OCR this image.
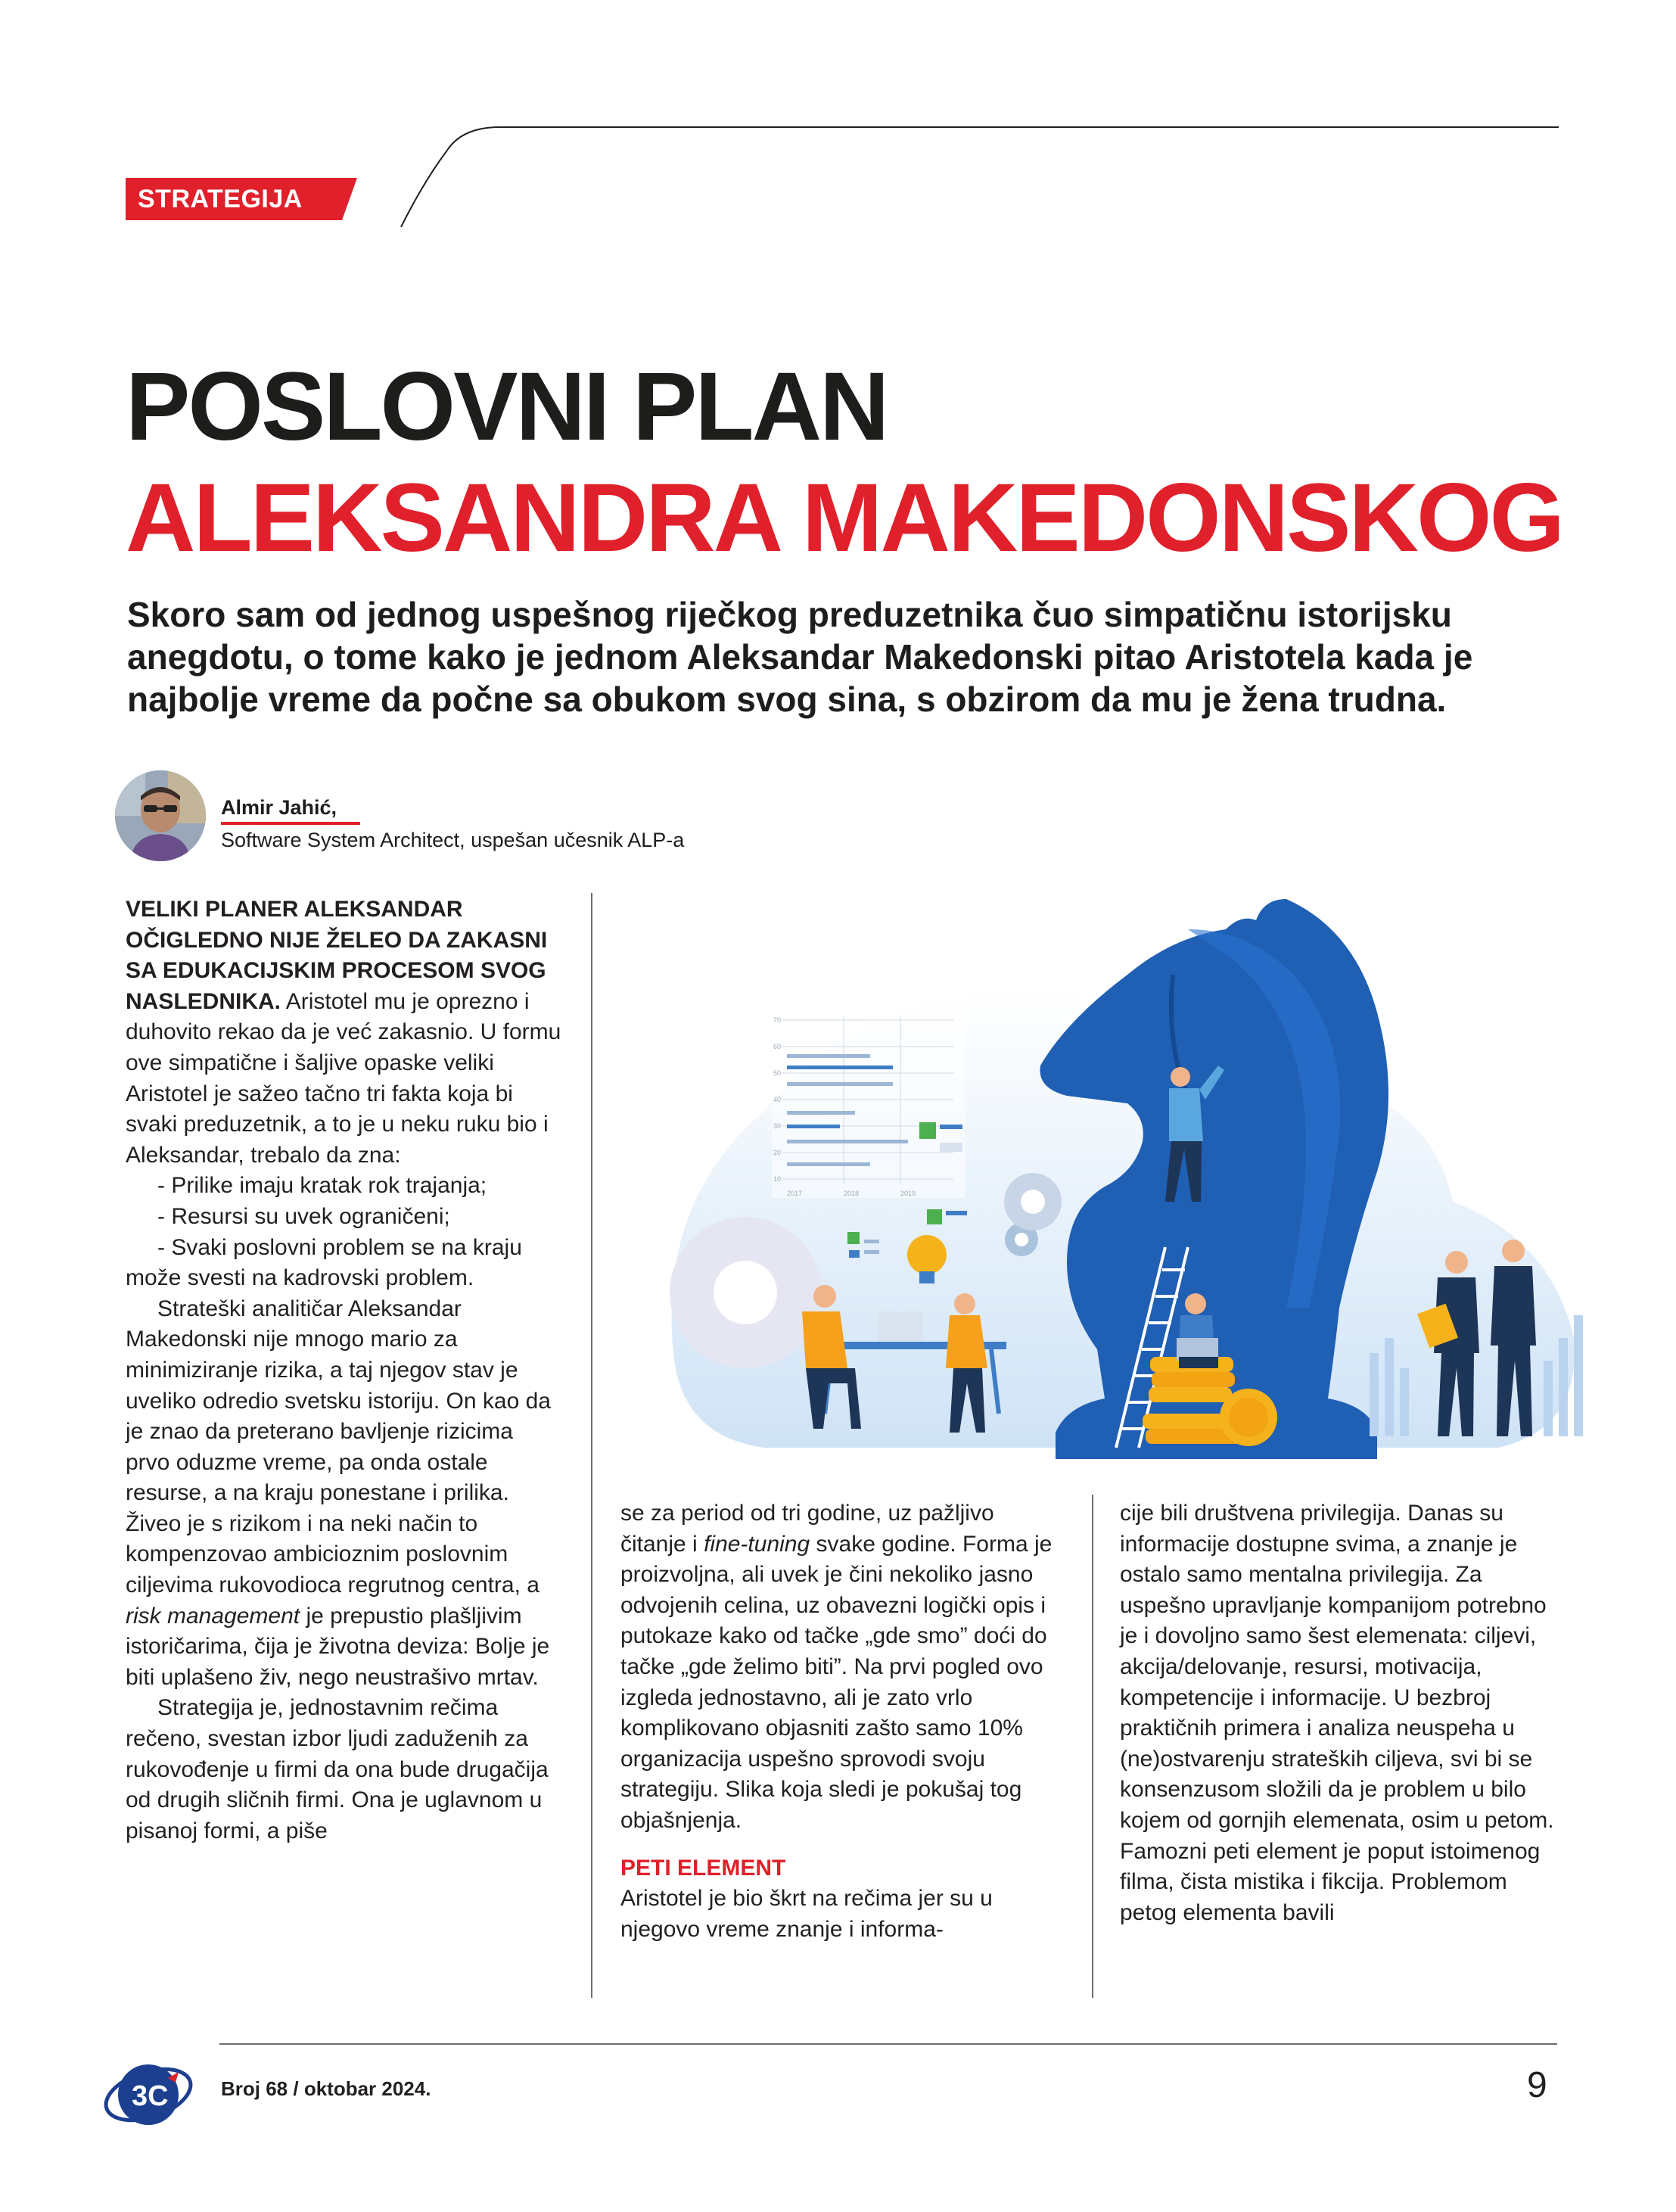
STRATEGIJA
POSLOVNI PLAN
ALEKSANDRA MAKEDONSKOG
Skoro sam od jednog uspešnog riječkog preduzetnika čuo simpatičnu istorijsku anegdotu, o tome kako je jednom Aleksandar Makedonski pitao Aristotela kada je najbolje vreme da počne sa obukom svog sina, s obzirom da mu je žena trudna.
Almir Jahić,
Software System Architect, uspešan učesnik ALP-a

VELIKI PLANER ALEKSANDAR OČIGLEDNO NIJE ŽELEO DA ZAKASNI SA EDUKACIJSKIM PROCESOM SVOG NASLEDNIKA. Aristotel mu je oprezno i duhovito rekao da je već zakasnio. U formu ove simpatične i šaljive opaske veliki Aristotel je sažeo tačno tri fakta koja bi svaki preduzetnik, a to je u neku ruku bio i Aleksandar, trebalo da zna:

- Prilike imaju kratak rok trajanja;

- Resursi su uvek ograničeni;

- Svaki poslovni problem se na kraju može svesti na kadrovski problem.

Strateški analitičar Aleksandar Makedonski nije mnogo mario za minimiziranje rizika, a taj njegov stav je uveliko odredio svetsku istoriju. On kao da je znao da preterano bavljenje rizicima prvo oduzme vreme, pa onda ostale resurse, a na kraju ponestane i prilika. Živeo je s rizikom i na neki način to kompenzovao ambicioznim poslovnim ciljevima rukovodioca regrutnog centra, a risk management je prepustio plašljivim istoričarima, čija je životna deviza: Bolje je biti uplašeno živ, nego neustrašivo mrtav.

Strategija je, jednostavnim rečima rečeno, svestan izbor ljudi zaduženih za rukovođenje u firmi da ona bude drugačija od drugih sličnih firmi. Ona je uglavnom u pisanoj formi, a piše

70
60
50
40
30
20
10
2017	2018	2019

se za period od tri godine, uz pažljivo čitanje i fine-tuning svake godine. Forma je proizvoljna, ali uvek je čini nekoliko jasno odvojenih celina, uz obavezni logički opis i putokaze kako od tačke „gde smo” doći do tačke „gde želimo biti”. Na prvi pogled ovo izgleda jednostavno, ali je zato vrlo komplikovano objasniti zašto samo 10% organizacija uspešno sprovodi svoju strategiju. Slika koja sledi je pokušaj tog objašnjenja.

PETI ELEMENT

Aristotel je bio škrt na rečima jer su u njegovo vreme znanje i informa-

cije bili društvena privilegija. Danas su informacije dostupne svima, a znanje je ostalo samo mentalna privilegija. Za uspešno upravljanje kompanijom potrebno je i dovoljno samo šest elemenata: ciljevi, akcija/delovanje, resursi, motivacija, kompetencije i informacije. U bezbroj praktičnih primera i analiza neuspeha u (ne)ostvarenju strateških ciljeva, svi bi se konsenzusom složili da je problem u bilo kojem od gornjih elemenata, osim u petom. Famozni peti element je poput istoimenog filma, čista mistika i fikcija. Problemom petog elementa bavili

3C	Broj 68 / oktobar 2024.	9
